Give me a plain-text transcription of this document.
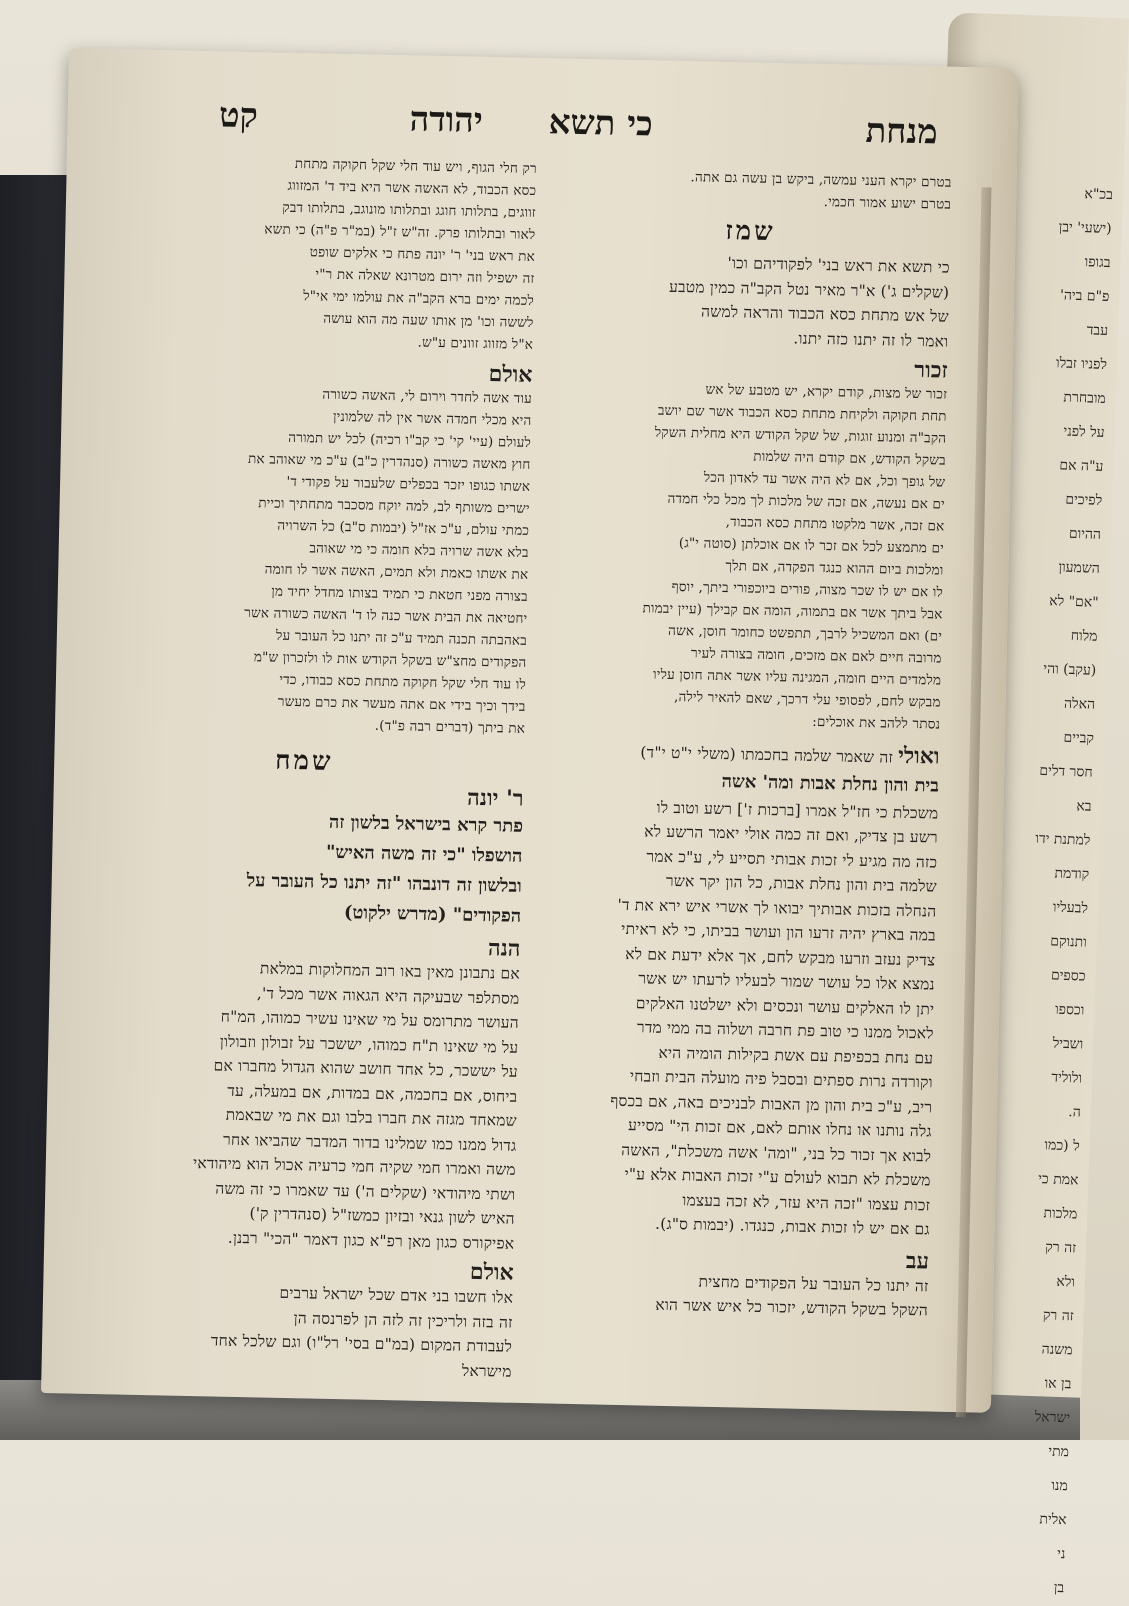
בכ"א
(ישעי' יבן
בגופו
פ"ם ביה'
עבד
לפניו זבלו
מובחרת
על לפני
ע"ה אם
לפיכים
ההיום
השמעון
"אם" לא
מלוח
(עקב) והי
האלה
קביים
חסר דלים
בא
למתנת ידו
קודמת
לבעליו
ותנוקם
כספים
וכספו
ושביל
ולוליד
ה.
ל (כמו
אמת כי
מלכות
זה רק
ולא
זה רק
משנה
בן או
ישראל
מתי
מנו
אלית
ני
בן
מנחת
כי תשא
יהודה
קט
בטרם יקרא העני עמשה, ביקש בן עשה גם אתה.
בטרם ישוע אמור חכמי.
שמז
כי תשא את ראש בני' לפקודיהם וכו'
(שקלים ג') א"ר מאיר נטל הקב"ה כמין מטבע
של אש מתחת כסא הכבוד והראה למשה
ואמר לו זה יתנו כזה יתנו.
זכור
זכור של מצות, קודם יקרא, יש מטבע של אש
תחת חקוקה ולקיחת מתחת כסא הכבוד אשר שם יושב
הקב"ה ומנוע זוגות, של שקל הקודש היא מחלית השקל
בשקל הקודש, אם קודם היה שלמות
של גופך וכל, אם לא היה אשר עד לאדון הכל
ים אם נעשה, אם זכה של מלכות לך מכל כלי חמדה
אם זכה, אשר מלקטו מתחת כסא הכבוד,
ים מתמצע לכל אם זכר לו אם אוכלתן (סוטה י"ג)
ומלכות ביום ההוא כנגד הפקדה, אם תלך
לו אם יש לו שכר מצוה, פורים ביוכפורי ביתך, יוסף
אבל ביתך אשר אם בתמוה, הומה אם קבילך (עיין יבמות
ים) ואם המשכיל לרבך, תתפשט כחומר חוסן, אשה
מרובה חיים לאם אם מזכים, חומה בצורה לעיר
מלמדים היים חומה, המגינה עליו אשר אתה חוסן עליו
מבקש לחם, לפסופי עלי דרכך, שאם להאיר לילה,
נסתר ללהב את אוכלים:
ואולי זה שאמר שלמה בחכמתו (משלי י"ט י"ד)
בית והון נחלת אבות ומה' אשה
משכלת כי חז"ל אמרו [ברכות ז'] רשע וטוב לו
רשע בן צדיק, ואם זה כמה אולי יאמר הרשע לא
כזה מה מגיע לי זכות אבותי תסייע לי, ע"כ אמר
שלמה בית והון נחלת אבות, כל הון יקר אשר
הנחלה בזכות אבותיך יבואו לך אשרי איש ירא את ד'
במה בארץ יהיה זרעו הון ועושר בביתו, כי לא ראיתי
צדיק נעזב וזרעו מבקש לחם, אך אלא ידעת אם לא
נמצא אלו כל עושר שמור לבעליו לרעתו יש אשר
יתן לו האלקים עושר ונכסים ולא ישלטנו האלקים
לאכול ממנו כי טוב פת חרבה ושלוה בה ממי מדר
עם נחת בכפיפת עם אשת בקילות הומיה היא
וקורדה נרות ספתים ובסבל פיה מועלה הבית וזבחי
ריב, ע"כ בית והון מן האבות לבניכים באה, אם בכסף
גלה נותנו או נחלו אותם לאם, אם זכות הי" מסייע
לבוא אך זכור כל בני, "ומה' אשה משכלת", האשה
משכלת לא תבוא לעולם ע"י זכות האבות אלא ע"י
זכות עצמו "זכה היא עזר, לא זכה בעצמו
גם אם יש לו זכות אבות, כנגדו. (יבמות ס"ג).
עב
זה יתנו כל העובר על הפקודים מחצית
השקל בשקל הקודש, יזכור כל איש אשר הוא
רק חלי הגוף, ויש עוד חלי שקל חקוקה מתחת
כסא הכבוד, לא האשה אשר היא ביד ד' המזווג
זווגים, בתלותו חוגג ובתלותו מונוגב, בתלותו דבק
לאור ובתלותו פרק. זה"ש ז"ל (במ"ר פ"ה) כי תשא
את ראש בני' ר' יונה פתח כי אלקים שופט
זה ישפיל וזה ירום מטרונא שאלה את ר"י
לכמה ימים ברא הקב"ה את עולמו ימי אי"ל
לששה וכו' מן אותו שעה מה הוא עושה
א"ל מזווג זוונים ע"ש.
אולם
עוד אשה לחדר וירום לי, האשה כשורה
היא מכלי חמדה אשר אין לה שלמונין
לעולם (עיי' קי' כי קב"ו רכיה) לכל יש תמורה
חוץ מאשה כשורה (סנהדרין כ"ב) ע"כ מי שאוהב את
אשתו כגופו יזכר בכפלים שלעבור על פקודי ד'
ישרים משותף לב, למה יוקח מסכבר מתחתיך וכיית
כמתי עולם, ע"כ אז"ל (יבמות ס"ב) כל השרויה
בלא אשה שרויה בלא חומה כי מי שאוהב
את אשתו כאמת ולא תמים, האשה אשר לו חומה
בצורה מפני חטאת כי תמיד בצותו מחדל יחיד מן
יחטיאה את הבית אשר כנה לו ד' האשה כשורה אשר
באהבתה תכנה תמיד ע"כ זה יתנו כל העובר על
הפקודים מחצ"ש בשקל הקודש אות לו ולזכרון ש"מ
לו עוד חלי שקל חקוקה מתחת כסא כבודו, כדי
בידך וכיך בידי אם אתה מעשר את כרם מעשר
את ביתך (דברים רבה פ"ד).
שמח
ר' יונה
פתר קרא בישראל בלשון זה
הושפלו "כי זה משה האיש"
ובלשון זה דונבהו "זה יתנו כל העובר על
הפקודים" (מדרש ילקוט)
הנה
אם נתבונן מאין באו רוב המחלוקות במלאת
מסתלפר שבעיקה היא הגאוה אשר מכל ד',
העושר מתרומס על מי שאינו עשיר כמוהו, המ"ח
על מי שאינו ת"ח כמוהו, יששכר על זבולון וזבולון
על יששכר, כל אחד חושב שהוא הגדול מחברו אם
ביחוס, אם בחכמה, אם במדות, אם במעלה, עד
שמאחד מגזה את חברו בלבו וגם את מי שבאמת
גדול ממנו כמו שמלינו בדור המדבר שהביאו אחר
משה ואמרו חמי שקיה חמי כרעיה אכול הוא מיהודאי
ושתי מיהודאי (שקלים ה') עד שאמרו כי זה משה
האיש לשון גנאי ובזיון כמשז"ל (סנהדרין ק')
אפיקורס כגון מאן רפ"א כגון דאמר "הכי" רבנן.
אולם
אלו חשבו בני אדם שכל ישראל ערבים
זה בזה ולריכין זה לזה הן לפרנסה הן
לעבודת המקום (במ"ם בסי' רל"ו) וגם שלכל אחד
מישראל
